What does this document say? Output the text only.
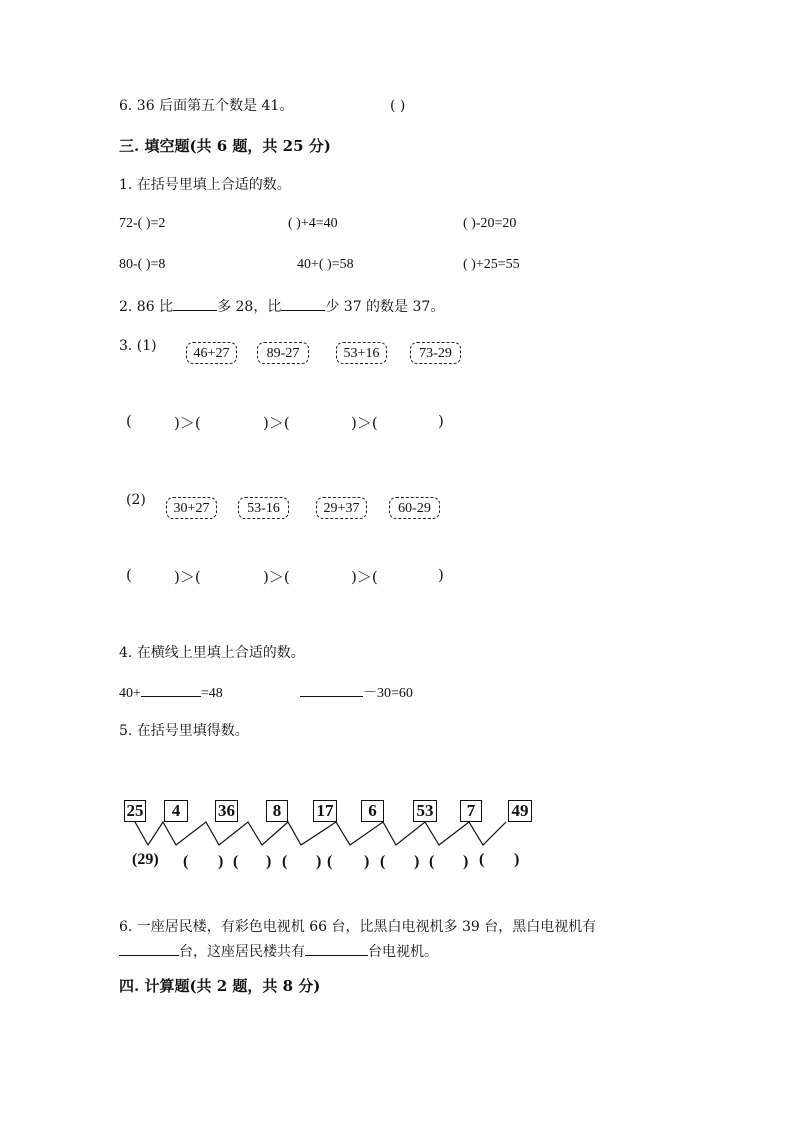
6. 36 后面第五个数是 41。	( )
三. 填空题(共 6 题，共 25 分)
1. 在括号里填上合适的数。
72-( )=2	( )+4=40	( )-20=20
80-( )=8	40+( )=58	( )+25=55
2. 86 比	多 28，比	少 37 的数是 37。
3. (1)	46+27	89-27	53+16	73-29
(	)＞(	)＞(	)＞(	)
(2)
30+27	53-16	29+37	60-29
(	)＞(	)＞(	)＞(	)
4. 在横线上里填上合适的数。
40+	=48	－30=60
5. 在括号里填得数。
25	4	36	8	17	6	53	7	49
(29) ( ) ( ) ( ) ( ) ( ) ( ) ( )
6. 一座居民楼，有彩色电视机 66 台，比黑白电视机多 39 台，黑白电视机有
台，这座居民楼共有	台电视机。
四. 计算题(共 2 题，共 8 分)
